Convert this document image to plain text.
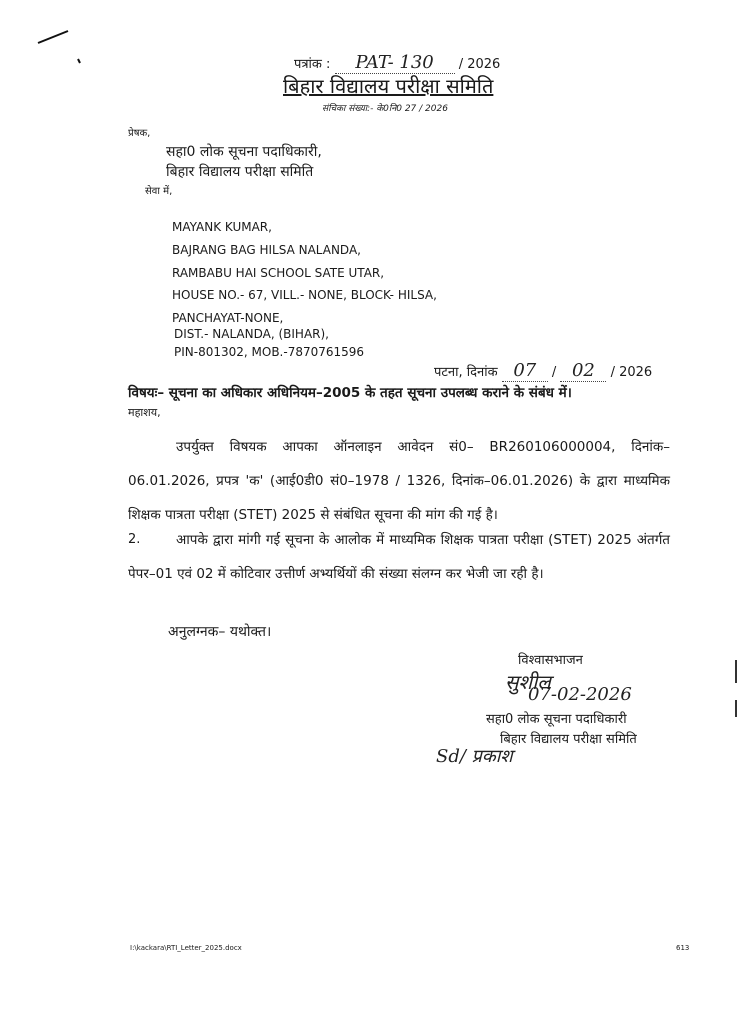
पत्रांक : PAT- 130 / 2026
बिहार विद्यालय परीक्षा समिति
संचिका संख्या:- के0नि0 27 / 2026
प्रेषक,
सहा0 लोक सूचना पदाधिकारी,
बिहार विद्यालय परीक्षा समिति
सेवा में,
MAYANK KUMAR,
BAJRANG BAG HILSA NALANDA,
RAMBABU HAI SCHOOL SATE UTAR,
HOUSE NO.- 67, VILL.- NONE, BLOCK- HILSA,
PANCHAYAT-NONE,
DIST.- NALANDA, (BIHAR),
PIN-801302, MOB.-7870761596
पटना, दिनांक 07 / 02 / 2026
विषयः– सूचना का अधिकार अधिनियम–2005 के तहत सूचना उपलब्ध कराने के संबंध में।
महाशय,
उपर्युक्त विषयक आपका ऑनलाइन आवेदन सं0– BR260106000004, दिनांक–06.01.2026, प्रपत्र 'क' (आई0डी0 सं0–1978 / 1326, दिनांक–06.01.2026) के द्वारा माध्यमिक शिक्षक पात्रता परीक्षा (STET) 2025 से संबंधित सूचना की मांग की गई है।
2.	आपके द्वारा मांगी गई सूचना के आलोक में माध्यमिक शिक्षक पात्रता परीक्षा (STET) 2025 अंतर्गत पेपर–01 एवं 02 में कोटिवार उत्तीर्ण अभ्यर्थियों की संख्या संलग्न कर भेजी जा रही है।
अनुलग्नक– यथोक्त।
विश्वासभाजन
सुशील
07-02-2026
सहा0 लोक सूचना पदाधिकारी
बिहार विद्यालय परीक्षा समिति
Sd/ प्रकाश
I:\kackara\RTI_Letter_2025.docx	613
